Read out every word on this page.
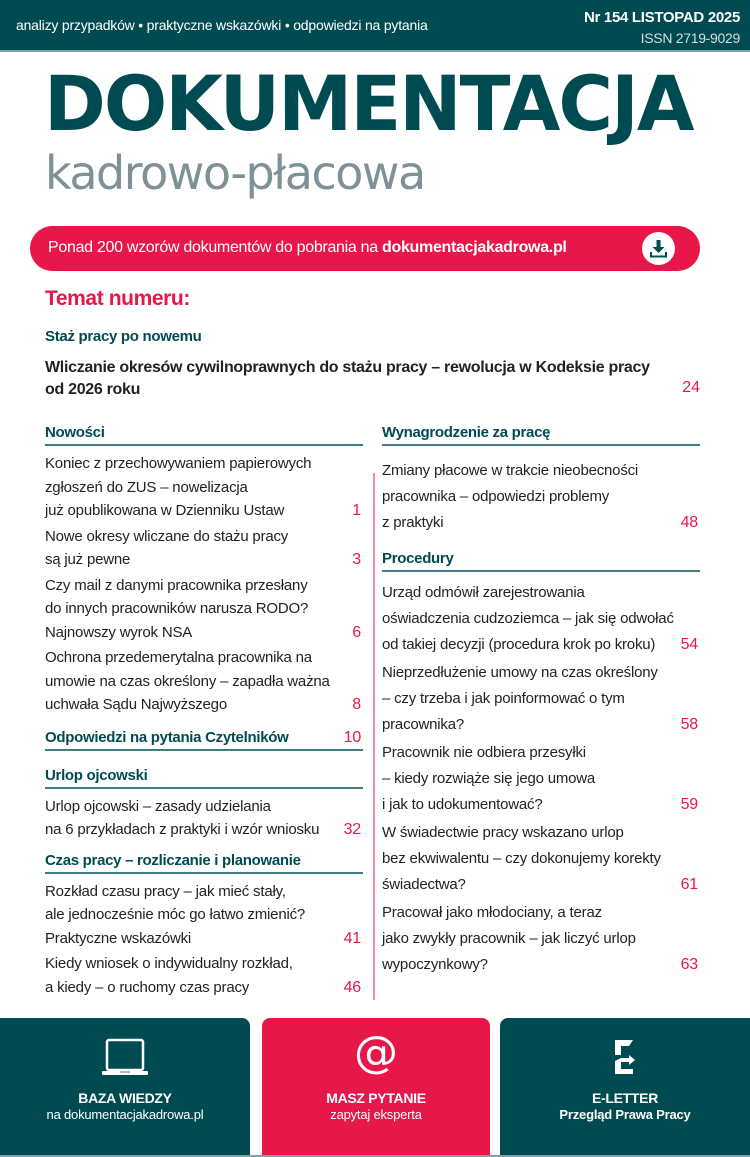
analizy przypadków • praktyczne wskazówki • odpowiedzi na pytania	Nr 154 LISTOPAD 2025
ISSN 2719-9029
DOKUMENTACJA
kadrowo-płacowa
Ponad 200 wzorów dokumentów do pobrania na dokumentacjakadrowa.pl
Temat numeru:
Staż pracy po nowemu
Wliczanie okresów cywilnoprawnych do stażu pracy – rewolucja w Kodeksie pracy
od 2026 roku	24
Nowości
Koniec z przechowywaniem papierowych
zgłoszeń do ZUS – nowelizacja
już opublikowana w Dzienniku Ustaw	1
Nowe okresy wliczane do stażu pracy
są już pewne	3
Czy mail z danymi pracownika przesłany
do innych pracowników narusza RODO?
Najnowszy wyrok NSA	6
Ochrona przedemerytalna pracownika na
umowie na czas określony – zapadła ważna
uchwała Sądu Najwyższego	8
Odpowiedzi na pytania Czytelników	10
Urlop ojcowski
Urlop ojcowski – zasady udzielania
na 6 przykładach z praktyki i wzór wniosku	32
Czas pracy – rozliczanie i planowanie
Rozkład czasu pracy – jak mieć stały,
ale jednocześnie móc go łatwo zmienić?
Praktyczne wskazówki	41
Kiedy wniosek o indywidualny rozkład,
a kiedy – o ruchomy czas pracy	46
Wynagrodzenie za pracę
Zmiany płacowe w trakcie nieobecności
pracownika – odpowiedzi problemy
z praktyki	48
Procedury
Urząd odmówił zarejestrowania
oświadczenia cudzoziemca – jak się odwołać
od takiej decyzji (procedura krok po kroku)	54
Nieprzedłużenie umowy na czas określony
– czy trzeba i jak poinformować o tym
pracownika?	58
Pracownik nie odbiera przesyłki
– kiedy rozwiąże się jego umowa
i jak to udokumentować?	59
W świadectwie pracy wskazano urlop
bez ekwiwalentu – czy dokonujemy korekty
świadectwa?	61
Pracował jako młodociany, a teraz
jako zwykły pracownik – jak liczyć urlop
wypoczynkowy?	63
BAZA WIEDZY
na dokumentacjakadrowa.pl
@
MASZ PYTANIE
zapytaj eksperta
E-LETTER
Przegląd Prawa Pracy
